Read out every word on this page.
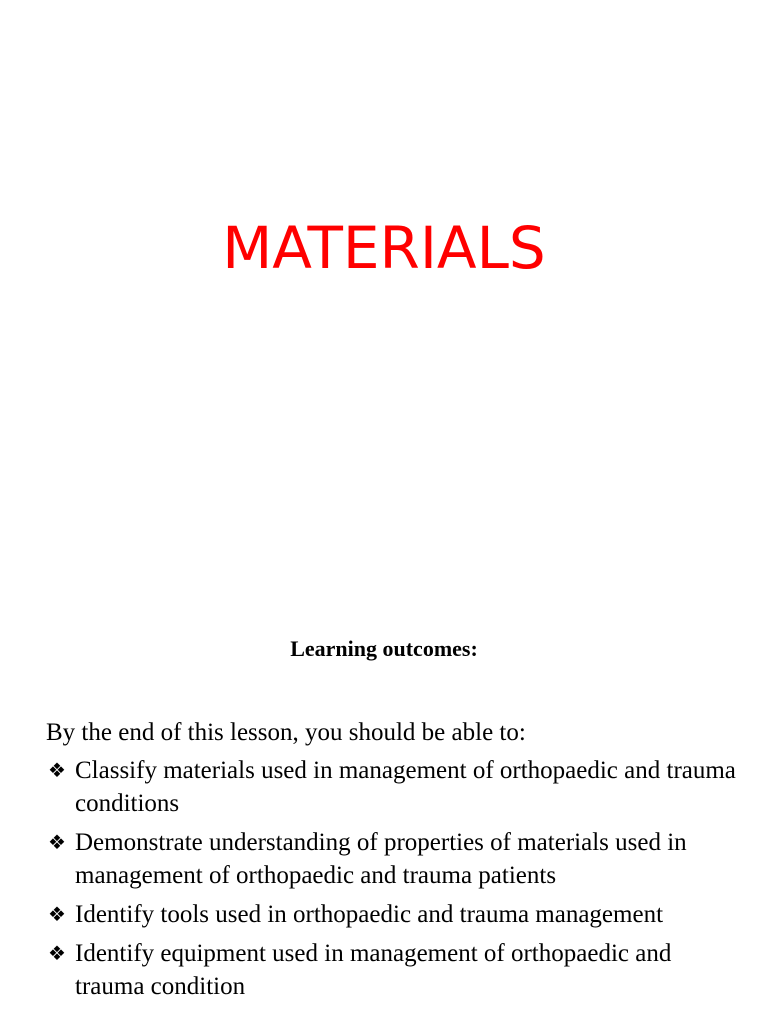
MATERIALS
Learning outcomes:
By the end of this lesson, you should be able to:
❖ Classify materials used in management of orthopaedic and trauma conditions
❖ Demonstrate understanding of properties of materials used in management of orthopaedic and trauma patients
❖ Identify tools used in orthopaedic and trauma management
❖ Identify equipment used in management of orthopaedic and trauma condition
